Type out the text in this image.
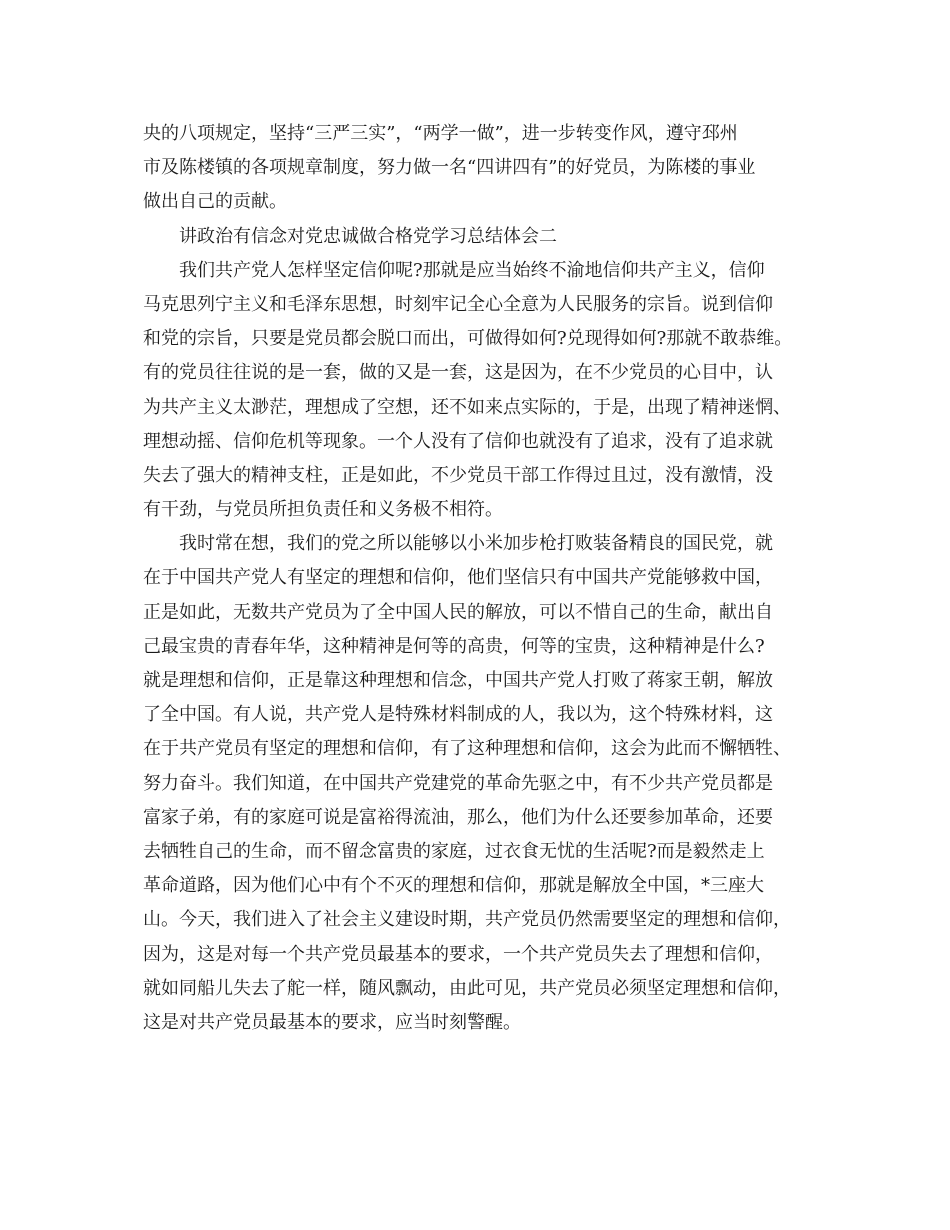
央的八项规定，坚持“三严三实”，“两学一做”，进一步转变作风，遵守邳州
市及陈楼镇的各项规章制度，努力做一名“四讲四有”的好党员，为陈楼的事业
做出自己的贡献。
讲政治有信念对党忠诚做合格党学习总结体会二
我们共产党人怎样坚定信仰呢?那就是应当始终不渝地信仰共产主义，信仰
马克思列宁主义和毛泽东思想，时刻牢记全心全意为人民服务的宗旨。说到信仰
和党的宗旨，只要是党员都会脱口而出，可做得如何?兑现得如何?那就不敢恭维。
有的党员往往说的是一套，做的又是一套，这是因为，在不少党员的心目中，认
为共产主义太渺茫，理想成了空想，还不如来点实际的，于是，出现了精神迷惘、
理想动摇、信仰危机等现象。一个人没有了信仰也就没有了追求，没有了追求就
失去了强大的精神支柱，正是如此，不少党员干部工作得过且过，没有激情，没
有干劲，与党员所担负责任和义务极不相符。
我时常在想，我们的党之所以能够以小米加步枪打败装备精良的国民党，就
在于中国共产党人有坚定的理想和信仰，他们坚信只有中国共产党能够救中国，
正是如此，无数共产党员为了全中国人民的解放，可以不惜自己的生命，献出自
己最宝贵的青春年华，这种精神是何等的高贵，何等的宝贵，这种精神是什么?
就是理想和信仰，正是靠这种理想和信念，中国共产党人打败了蒋家王朝，解放
了全中国。有人说，共产党人是特殊材料制成的人，我以为，这个特殊材料，这
在于共产党员有坚定的理想和信仰，有了这种理想和信仰，这会为此而不懈牺牲、
努力奋斗。我们知道，在中国共产党建党的革命先驱之中，有不少共产党员都是
富家子弟，有的家庭可说是富裕得流油，那么，他们为什么还要参加革命，还要
去牺牲自己的生命，而不留念富贵的家庭，过衣食无忧的生活呢?而是毅然走上
革命道路，因为他们心中有个不灭的理想和信仰，那就是解放全中国，*三座大
山。今天，我们进入了社会主义建设时期，共产党员仍然需要坚定的理想和信仰，
因为，这是对每一个共产党员最基本的要求，一个共产党员失去了理想和信仰，
就如同船儿失去了舵一样，随风飘动，由此可见，共产党员必须坚定理想和信仰，
这是对共产党员最基本的要求，应当时刻警醒。
